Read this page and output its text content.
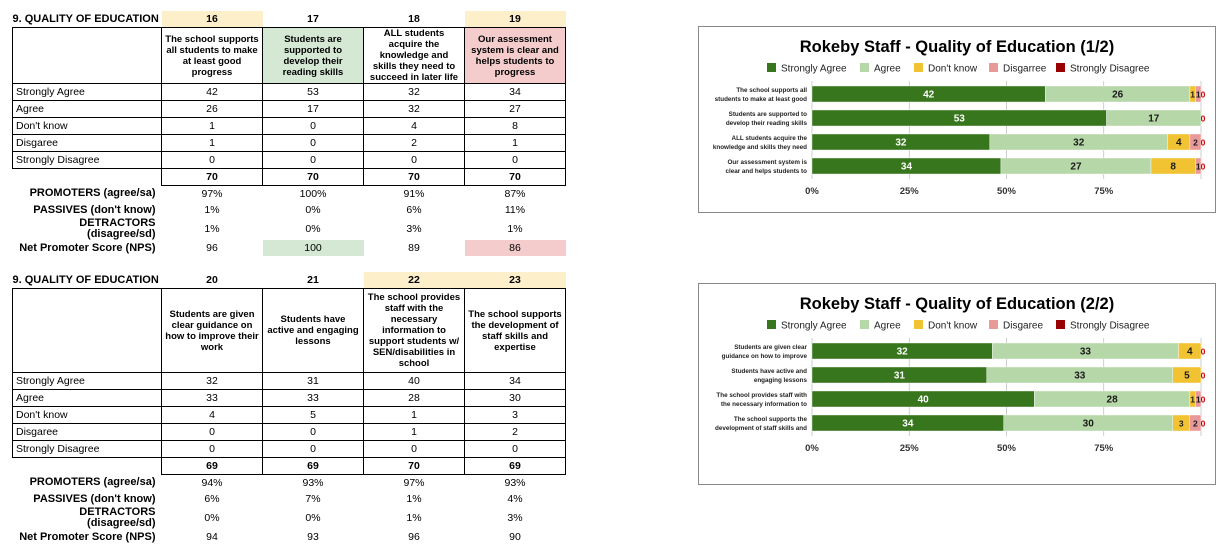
9. QUALITY OF EDUCATION	16	17	18	19
	The school supports all students to make at least good progress	Students are supported to develop their reading skills	ALL students acquire the knowledge and skills they need to succeed in later life	Our assessment system is clear and helps students to progress
Strongly Agree	42	53	32	34
Agree	26	17	32	27
Don't know	1	0	4	8
Disgaree	1	0	2	1
Strongly Disagree	0	0	0	0
	70	70	70	70
PROMOTERS (agree/sa)	97%	100%	91%	87%
PASSIVES (don't know)	1%	0%	6%	11%
DETRACTORS (disagree/sd)	1%	0%	3%	1%
Net Promoter Score (NPS)	96	100	89	86
9. QUALITY OF EDUCATION	20	21	22	23
	Students are given clear guidance on how to improve their work	Students have active and engaging lessons	The school provides staff with the necessary information to support students w/ SEN/disabilities in school	The school supports the development of staff skills and expertise
Strongly Agree	32	31	40	34
Agree	33	33	28	30
Don't know	4	5	1	3
Disgaree	0	0	1	2
Strongly Disagree	0	0	0	0
	69	69	70	69
PROMOTERS (agree/sa)	94%	93%	97%	93%
PASSIVES (don't know)	6%	7%	1%	4%
DETRACTORS (disagree/sd)	0%	0%	1%	3%
Net Promoter Score (NPS)	94	93	96	90
Rokeby Staff - Quality of Education (1/2)
Strongly Agree	Agree	Don't know	Disgarree Strongly Disagree
0%	25%	50%	75%
The school supports all
students to make at least good	42	26	1 1 0
Students are supported to
develop their reading skills	53	17	0
ALL students acquire the
knowledge and skills they need	32	32	4 2 0
Our assessment system is
clear and helps students to	34	27	8 1 0
Rokeby Staff - Quality of Education (2/2)
Strongly Agree	Agree	Don't know	Disgaree	Strongly Disagree
0%	25%	50%	75%
Students are given clear
guidance on how to improve	32	33	4 0
Students have active and
engaging lessons	31	33	5 0
The school provides staff with
the necessary information to	40	28	1 1 0
The school supports the
development of staff skills and	34	30	3 2 0
